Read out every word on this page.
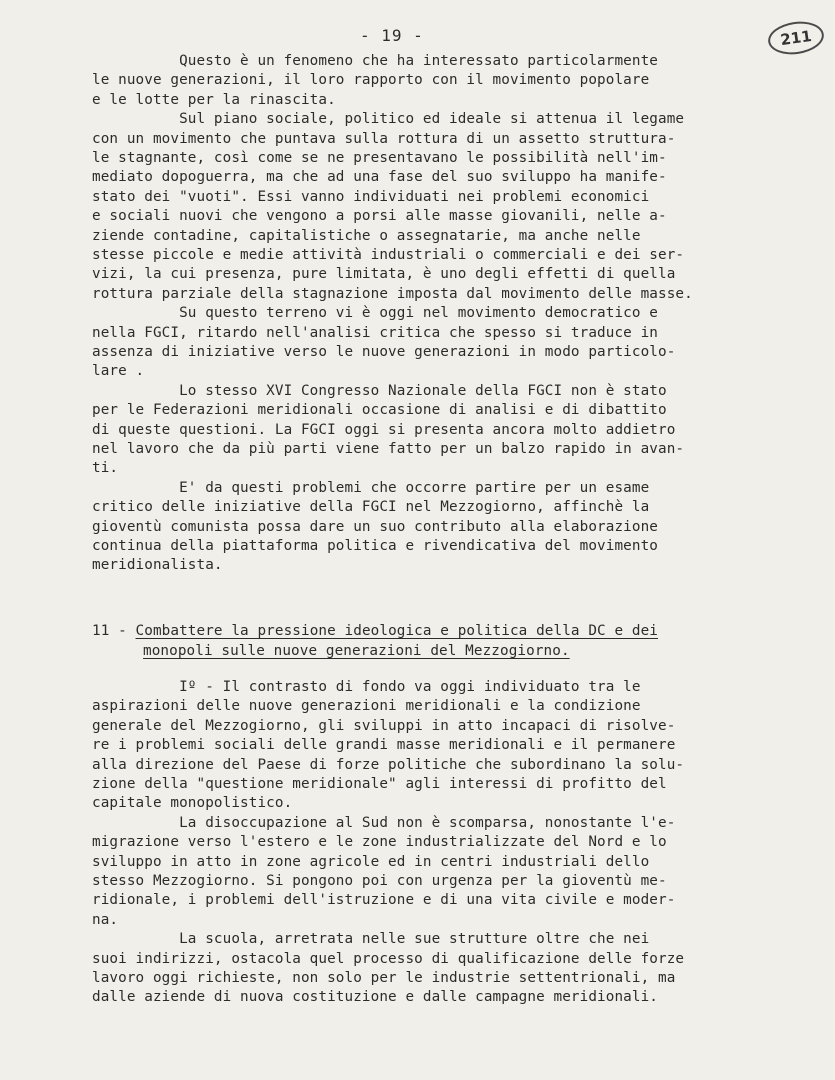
- 19 -	211
Questo è un fenomeno che ha interessato particolarmente
le nuove generazioni, il loro rapporto con il movimento popolare
e le lotte per la rinascita.
Sul piano sociale, politico ed ideale si attenua il legame
con un movimento che puntava sulla rottura di un assetto struttura-
le stagnante, così come se ne presentavano le possibilità nell'im-
mediato dopoguerra, ma che ad una fase del suo sviluppo ha manife-
stato dei "vuoti". Essi vanno individuati nei problemi economici
e sociali nuovi che vengono a porsi alle masse giovanili, nelle a-
ziende contadine, capitalistiche o assegnatarie, ma anche nelle
stesse piccole e medie attività industriali o commerciali e dei ser-
vizi, la cui presenza, pure limitata, è uno degli effetti di quella
rottura parziale della stagnazione imposta dal movimento delle masse.
Su questo terreno vi è oggi nel movimento democratico e
nella FGCI, ritardo nell'analisi critica che spesso si traduce in
assenza di iniziative verso le nuove generazioni in modo particolo-
lare .
Lo stesso XVI Congresso Nazionale della FGCI non è stato
per le Federazioni meridionali occasione di analisi e di dibattito
di queste questioni. La FGCI oggi si presenta ancora molto addietro
nel lavoro che da più parti viene fatto per un balzo rapido in avan-
ti.
E' da questi problemi che occorre partire per un esame
critico delle iniziative della FGCI nel Mezzogiorno, affinchè la
gioventù comunista possa dare un suo contributo alla elaborazione
continua della piattaforma politica e rivendicativa del movimento
meridionalista.
11 - Combattere la pressione ideologica e politica della DC e dei
monopoli sulle nuove generazioni del Mezzogiorno.
Iº - Il contrasto di fondo va oggi individuato tra le
aspirazioni delle nuove generazioni meridionali e la condizione
generale del Mezzogiorno, gli sviluppi in atto incapaci di risolve-
re i problemi sociali delle grandi masse meridionali e il permanere
alla direzione del Paese di forze politiche che subordinano la solu-
zione della "questione meridionale" agli interessi di profitto del
capitale monopolistico.
La disoccupazione al Sud non è scomparsa, nonostante l'e-
migrazione verso l'estero e le zone industrializzate del Nord e lo
sviluppo in atto in zone agricole ed in centri industriali dello
stesso Mezzogiorno. Si pongono poi con urgenza per la gioventù me-
ridionale, i problemi dell'istruzione e di una vita civile e moder-
na.
La scuola, arretrata nelle sue strutture oltre che nei
suoi indirizzi, ostacola quel processo di qualificazione delle forze
lavoro oggi richieste, non solo per le industrie settentrionali, ma
dalle aziende di nuova costituzione e dalle campagne meridionali.
